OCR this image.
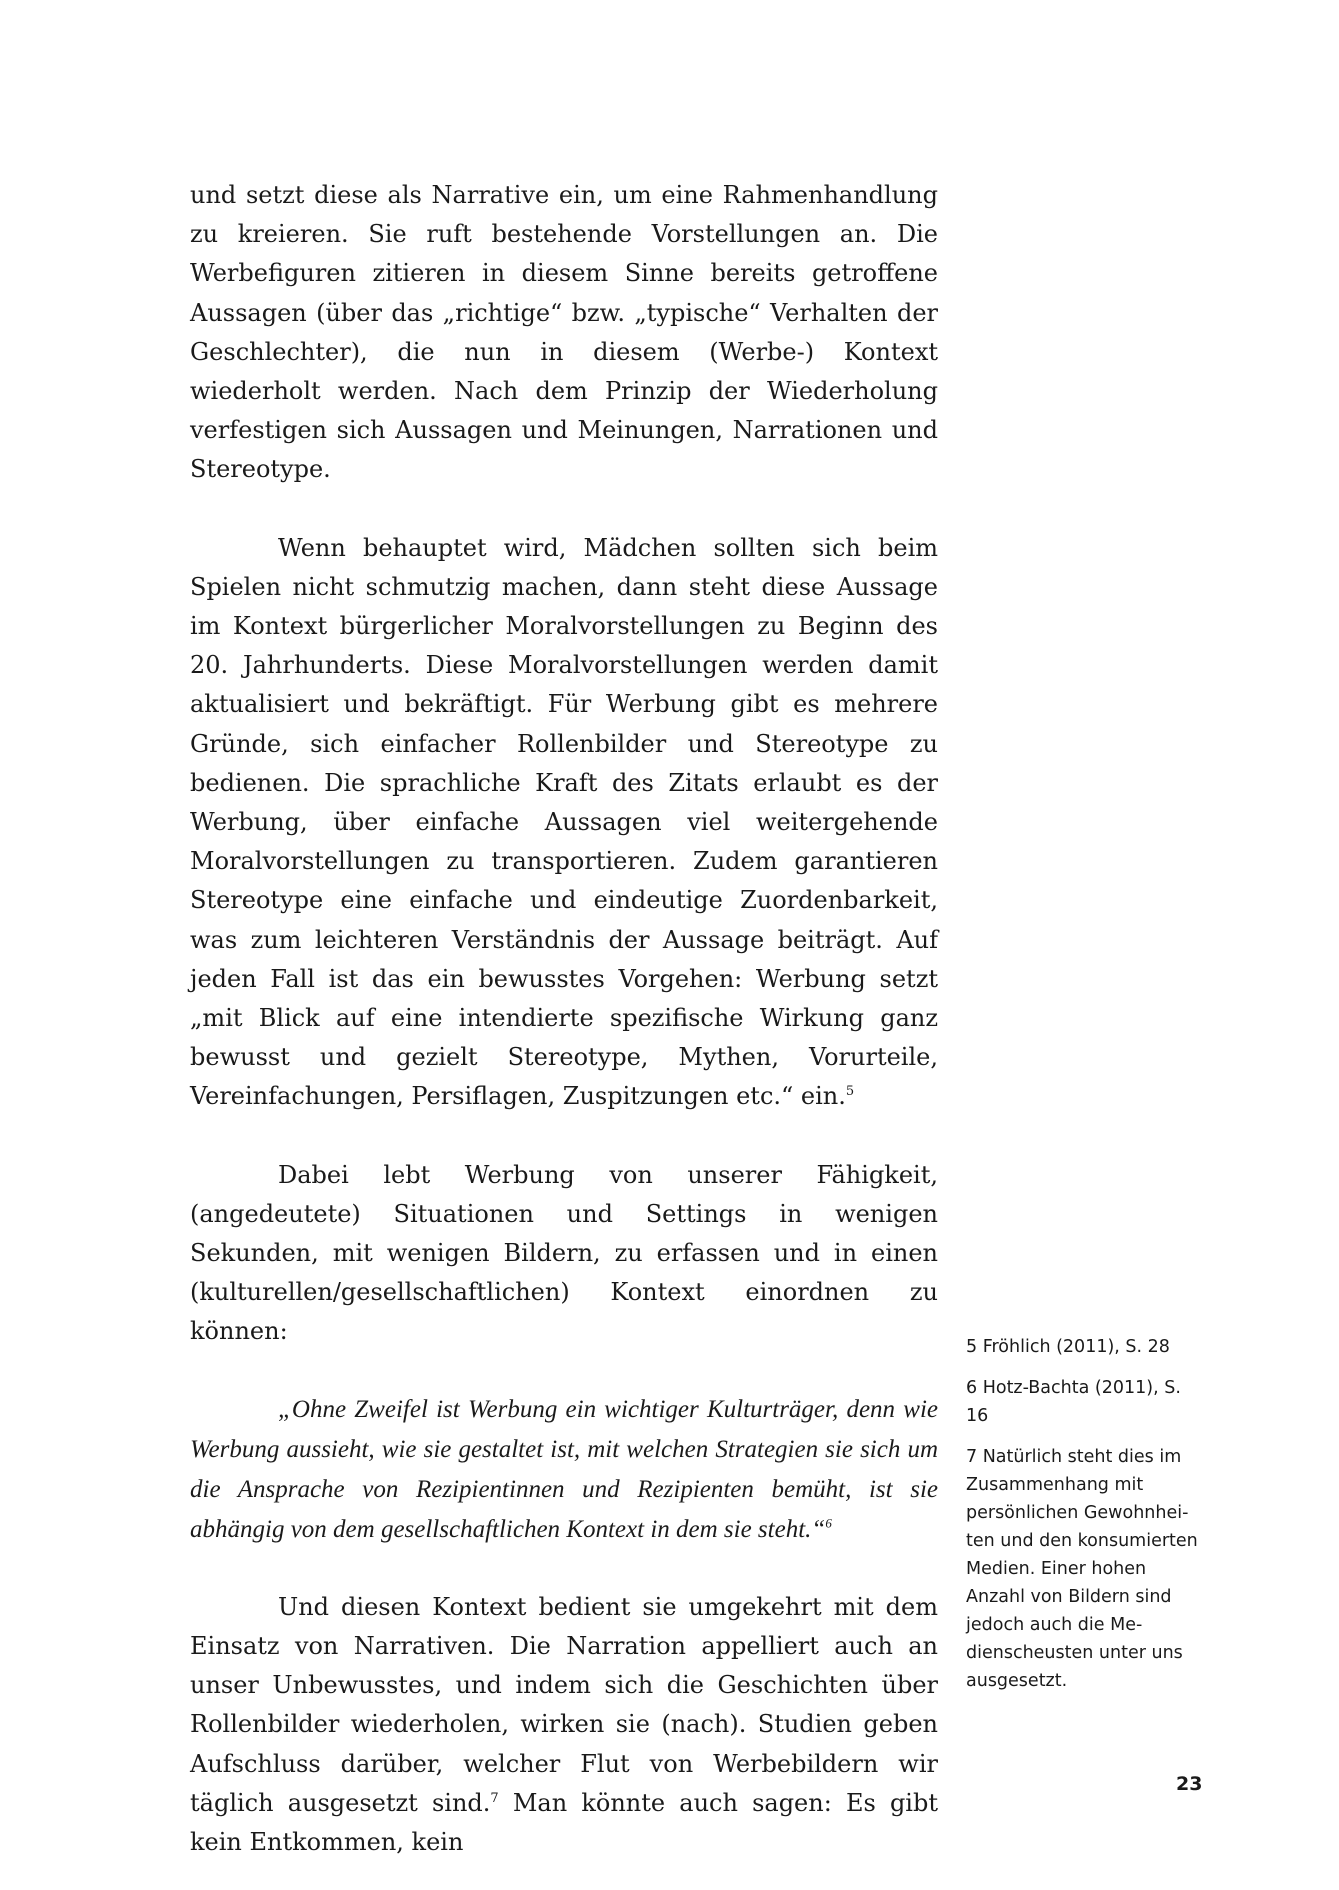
und setzt diese als Narrative ein, um eine Rahmenhandlung zu kreieren. Sie ruft bestehende Vorstellungen an. Die Werbefiguren zitieren in diesem Sinne bereits getroffene Aussagen (über das „richtige“ bzw. „typische“ Verhalten der Geschlechter), die nun in diesem (Werbe-) Kontext wiederholt werden. Nach dem Prinzip der Wiederholung verfestigen sich Aussagen und Meinungen, Narrationen und Stereotype.

Wenn behauptet wird, Mädchen sollten sich beim Spielen nicht schmutzig machen, dann steht diese Aussage im Kontext bürgerlicher Moralvorstellungen zu Beginn des 20. Jahrhunderts. Diese Moralvorstellungen werden damit aktualisiert und bekräftigt. Für Werbung gibt es mehrere Gründe, sich einfacher Rollenbilder und Stereotype zu bedienen. Die sprachliche Kraft des Zitats erlaubt es der Werbung, über einfache Aussagen viel weitergehende Moralvorstellungen zu transportieren. Zudem garantieren Stereotype eine einfache und eindeutige Zuordenbarkeit, was zum leichteren Verständnis der Aussage beiträgt. Auf jeden Fall ist das ein bewusstes Vorgehen: Werbung setzt „mit Blick auf eine intendierte spezifische Wirkung ganz bewusst und gezielt Stereotype, Mythen, Vorurteile, Vereinfachungen, Persiflagen, Zuspitzungen etc.“ ein.$^5$

Dabei lebt Werbung von unserer Fähigkeit, (angedeutete) Situationen und Settings in wenigen Sekunden, mit wenigen Bildern, zu erfassen und in einen (kulturellen/gesellschaftlichen) Kontext einordnen zu können:

„Ohne Zweifel ist Werbung ein wichtiger Kulturträger, denn wie Werbung aussieht, wie sie gestaltet ist, mit welchen Strategien sie sich um die Ansprache von Rezipientinnen und Rezipienten bemüht, ist sie abhängig von dem gesellschaftlichen Kontext in dem sie steht.“$^6$

Und diesen Kontext bedient sie umgekehrt mit dem Einsatz von Narrativen. Die Narration appelliert auch an unser Unbewusstes, und indem sich die Geschichten über Rollenbilder wiederholen, wirken sie (nach). Studien geben Aufschluss darüber, welcher Flut von Werbebildern wir täglich ausgesetzt sind.$^7$ Man könnte auch sagen: Es gibt kein Entkommen, kein

5 Fröhlich (2011), S. 28

6 Hotz-Bachta (2011), S. 16

7 Natürlich steht dies im Zusammenhang mit persönlichen Gewohnheiten und den konsumierten Medien. Einer hohen Anzahl von Bildern sind jedoch auch die Medienscheusten unter uns ausgesetzt.

23
